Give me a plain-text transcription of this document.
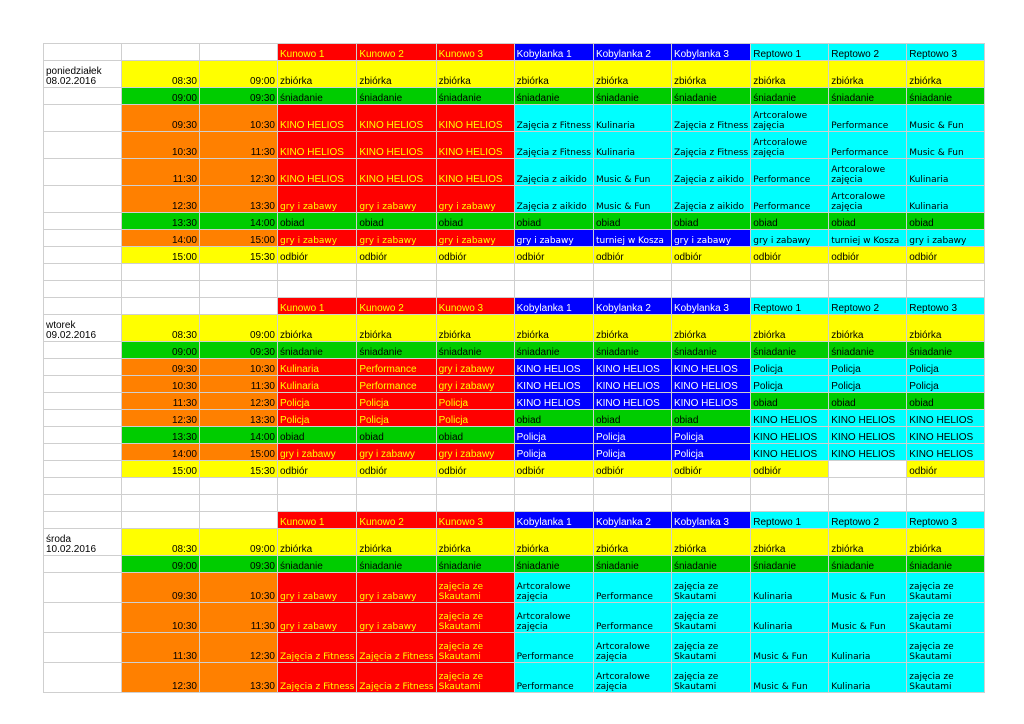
			Kunowo 1	Kunowo 2	Kunowo 3	Kobylanka 1	Kobylanka 2	Kobylanka 3	Reptowo 1	Reptowo 2	Reptowo 3

poniedziałek
08.02.2016	08:30	09:00	zbiórka	zbiórka	zbiórka	zbiórka	zbiórka	zbiórka	zbiórka	zbiórka	zbiórka
	09:00	09:30	śniadanie	śniadanie	śniadanie	śniadanie	śniadanie	śniadanie	śniadanie	śniadanie	śniadanie
	09:30	10:30	KINO HELIOS	KINO HELIOS	KINO HELIOS	Zajęcia z Fitness	Kulinaria	Zajęcia z Fitness	Artcoralowe zajęcia	Performance	Music & Fun
	10:30	11:30	KINO HELIOS	KINO HELIOS	KINO HELIOS	Zajęcia z Fitness	Kulinaria	Zajęcia z Fitness	Artcoralowe zajęcia	Performance	Music & Fun
	11:30	12:30	KINO HELIOS	KINO HELIOS	KINO HELIOS	Zajęcia z aikido	Music & Fun	Zajęcia z aikido	Performance	Artcoralowe zajęcia	Kulinaria
	12:30	13:30	gry i zabawy	gry i zabawy	gry i zabawy	Zajęcia z aikido	Music & Fun	Zajęcia z aikido	Performance	Artcoralowe zajęcia	Kulinaria
	13:30	14:00	obiad	obiad	obiad	obiad	obiad	obiad	obiad	obiad	obiad
	14:00	15:00	gry i zabawy	gry i zabawy	gry i zabawy	gry i zabawy	turniej w Kosza	gry i zabawy	gry i zabawy	turniej w Kosza	gry i zabawy
	15:00	15:30	odbiór	odbiór	odbiór	odbiór	odbiór	odbiór	odbiór	odbiór	odbiór

			Kunowo 1	Kunowo 2	Kunowo 3	Kobylanka 1	Kobylanka 2	Kobylanka 3	Reptowo 1	Reptowo 2	Reptowo 3

wtorek
09.02.2016	08:30	09:00	zbiórka	zbiórka	zbiórka	zbiórka	zbiórka	zbiórka	zbiórka	zbiórka	zbiórka
	09:00	09:30	śniadanie	śniadanie	śniadanie	śniadanie	śniadanie	śniadanie	śniadanie	śniadanie	śniadanie
	09:30	10:30	Kulinaria	Performance	gry i zabawy	KINO HELIOS	KINO HELIOS	KINO HELIOS	Policja	Policja	Policja
	10:30	11:30	Kulinaria	Performance	gry i zabawy	KINO HELIOS	KINO HELIOS	KINO HELIOS	Policja	Policja	Policja
	11:30	12:30	Policja	Policja	Policja	KINO HELIOS	KINO HELIOS	KINO HELIOS	obiad	obiad	obiad
	12:30	13:30	Policja	Policja	Policja	obiad	obiad	obiad	KINO HELIOS	KINO HELIOS	KINO HELIOS
	13:30	14:00	obiad	obiad	obiad	Policja	Policja	Policja	KINO HELIOS	KINO HELIOS	KINO HELIOS
	14:00	15:00	gry i zabawy	gry i zabawy	gry i zabawy	Policja	Policja	Policja	KINO HELIOS	KINO HELIOS	KINO HELIOS
	15:00	15:30	odbiór	odbiór	odbiór	odbiór	odbiór	odbiór	odbiór		odbiór

			Kunowo 1	Kunowo 2	Kunowo 3	Kobylanka 1	Kobylanka 2	Kobylanka 3	Reptowo 1	Reptowo 2	Reptowo 3

środa
10.02.2016	08:30	09:00	zbiórka	zbiórka	zbiórka	zbiórka	zbiórka	zbiórka	zbiórka	zbiórka	zbiórka
	09:00	09:30	śniadanie	śniadanie	śniadanie	śniadanie	śniadanie	śniadanie	śniadanie	śniadanie	śniadanie
	09:30	10:30	gry i zabawy	gry i zabawy	zajęcia ze Skautami	Artcoralowe zajęcia	Performance	zajęcia ze Skautami	Kulinaria	Music & Fun	zajęcia ze Skautami
	10:30	11:30	gry i zabawy	gry i zabawy	zajęcia ze Skautami	Artcoralowe zajęcia	Performance	zajęcia ze Skautami	Kulinaria	Music & Fun	zajęcia ze Skautami
	11:30	12:30	Zajęcia z Fitness	Zajęcia z Fitness	zajęcia ze Skautami	Performance	Artcoralowe zajęcia	zajęcia ze Skautami	Music & Fun	Kulinaria	zajęcia ze Skautami
	12:30	13:30	Zajęcia z Fitness	Zajęcia z Fitness	zajęcia ze Skautami	Performance	Artcoralowe zajęcia	zajęcia ze Skautami	Music & Fun	Kulinaria	zajęcia ze Skautami
